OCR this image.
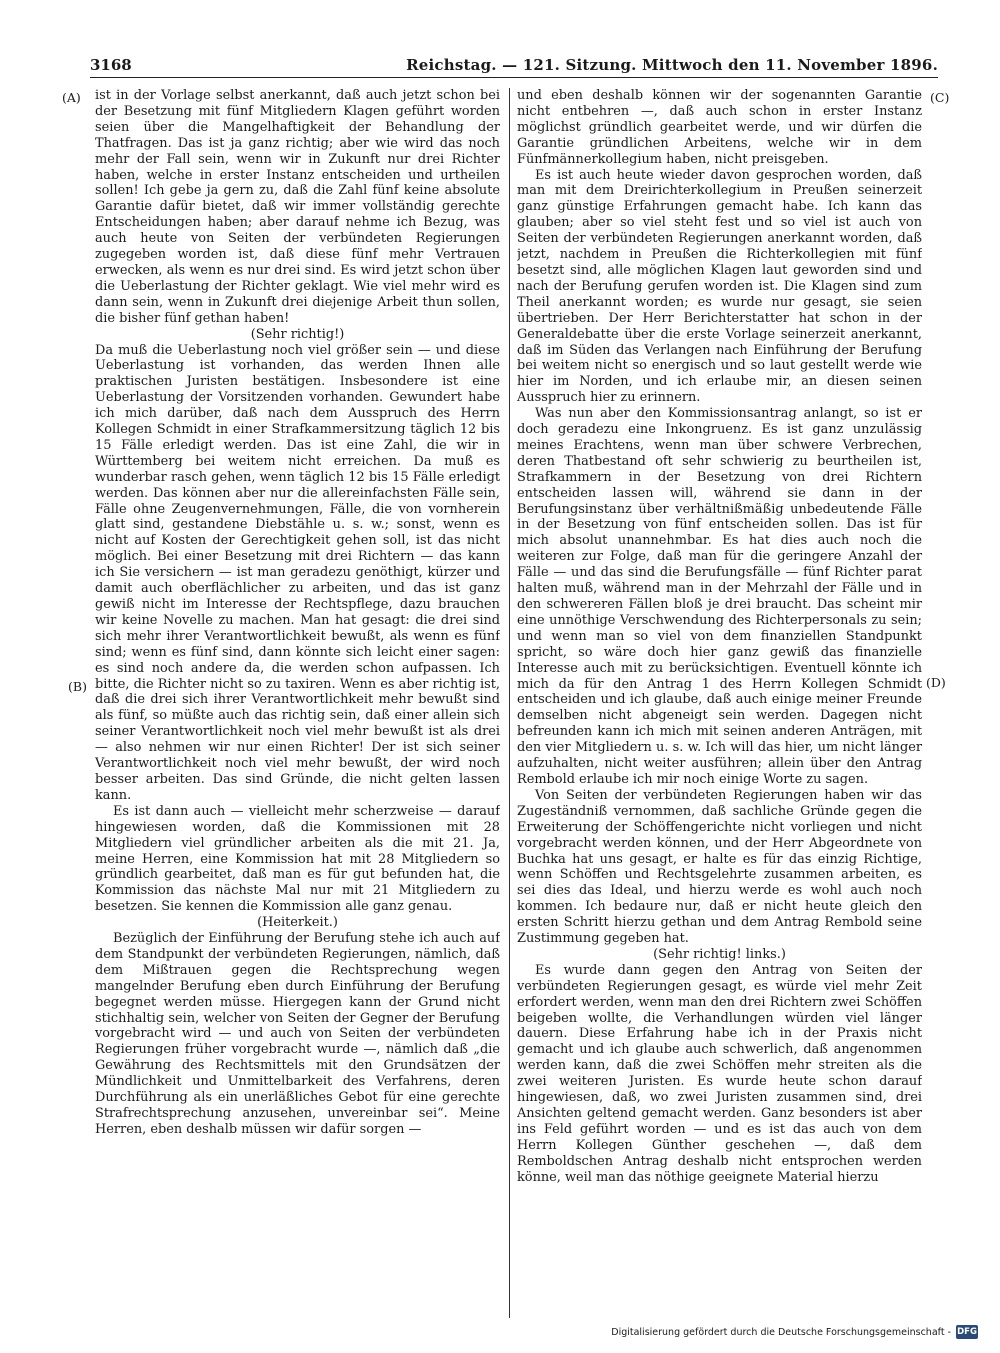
3168	Reichstag. — 121. Sitzung. Mittwoch den 11. November 1896.
(A)
(B)
(C)
(D)

ist in der Vorlage selbst anerkannt, daß auch jetzt schon bei der Besetzung mit fünf Mitgliedern Klagen geführt worden seien über die Mangelhaftigkeit der Behandlung der Thatfragen. Das ist ja ganz richtig; aber wie wird das noch mehr der Fall sein, wenn wir in Zukunft nur drei Richter haben, welche in erster Instanz entscheiden und urtheilen sollen! Ich gebe ja gern zu, daß die Zahl fünf keine absolute Garantie dafür bietet, daß wir immer vollständig gerechte Entscheidungen haben; aber darauf nehme ich Bezug, was auch heute von Seiten der verbündeten Regierungen zugegeben worden ist, daß diese fünf mehr Vertrauen erwecken, als wenn es nur drei sind. Es wird jetzt schon über die Ueberlastung der Richter geklagt. Wie viel mehr wird es dann sein, wenn in Zukunft drei diejenige Arbeit thun sollen, die bisher fünf gethan haben!

(Sehr richtig!)

Da muß die Ueberlastung noch viel größer sein — und diese Ueberlastung ist vorhanden, das werden Ihnen alle praktischen Juristen bestätigen. Insbesondere ist eine Ueberlastung der Vorsitzenden vorhanden. Gewundert habe ich mich darüber, daß nach dem Ausspruch des Herrn Kollegen Schmidt in einer Strafkammersitzung täglich 12 bis 15 Fälle erledigt werden. Das ist eine Zahl, die wir in Württemberg bei weitem nicht erreichen. Da muß es wunderbar rasch gehen, wenn täglich 12 bis 15 Fälle erledigt werden. Das können aber nur die allereinfachsten Fälle sein, Fälle ohne Zeugenvernehmungen, Fälle, die von vornherein glatt sind, gestandene Diebstähle u. s. w.; sonst, wenn es nicht auf Kosten der Gerechtigkeit gehen soll, ist das nicht möglich. Bei einer Besetzung mit drei Richtern — das kann ich Sie versichern — ist man geradezu genöthigt, kürzer und damit auch oberflächlicher zu arbeiten, und das ist ganz gewiß nicht im Interesse der Rechtspflege, dazu brauchen wir keine Novelle zu machen. Man hat gesagt: die drei sind sich mehr ihrer Verantwortlichkeit bewußt, als wenn es fünf sind; wenn es fünf sind, dann könnte sich leicht einer sagen: es sind noch andere da, die werden schon aufpassen. Ich bitte, die Richter nicht so zu taxiren. Wenn es aber richtig ist, daß die drei sich ihrer Verantwortlichkeit mehr bewußt sind als fünf, so müßte auch das richtig sein, daß einer allein sich seiner Verantwortlichkeit noch viel mehr bewußt ist als drei — also nehmen wir nur einen Richter! Der ist sich seiner Verantwortlichkeit noch viel mehr bewußt, der wird noch besser arbeiten. Das sind Gründe, die nicht gelten lassen kann.

Es ist dann auch — vielleicht mehr scherzweise — darauf hingewiesen worden, daß die Kommissionen mit 28 Mitgliedern viel gründlicher arbeiten als die mit 21. Ja, meine Herren, eine Kommission hat mit 28 Mitgliedern so gründlich gearbeitet, daß man es für gut befunden hat, die Kommission das nächste Mal nur mit 21 Mitgliedern zu besetzen. Sie kennen die Kommission alle ganz genau.

(Heiterkeit.)

Bezüglich der Einführung der Berufung stehe ich auch auf dem Standpunkt der verbündeten Regierungen, nämlich, daß dem Mißtrauen gegen die Rechtsprechung wegen mangelnder Berufung eben durch Einführung der Berufung begegnet werden müsse. Hiergegen kann der Grund nicht stichhaltig sein, welcher von Seiten der Gegner der Berufung vorgebracht wird — und auch von Seiten der verbündeten Regierungen früher vorgebracht wurde —, nämlich daß „die Gewährung des Rechtsmittels mit den Grundsätzen der Mündlichkeit und Unmittelbarkeit des Verfahrens, deren Durchführung als ein unerläßliches Gebot für eine gerechte Strafrechtsprechung anzusehen, unvereinbar sei“. Meine Herren, eben deshalb müssen wir dafür sorgen —

und eben deshalb können wir der sogenannten Garantie nicht entbehren —, daß auch schon in erster Instanz möglichst gründlich gearbeitet werde, und wir dürfen die Garantie gründlichen Arbeitens, welche wir in dem Fünfmännerkollegium haben, nicht preisgeben.

Es ist auch heute wieder davon gesprochen worden, daß man mit dem Dreirichterkollegium in Preußen seinerzeit ganz günstige Erfahrungen gemacht habe. Ich kann das glauben; aber so viel steht fest und so viel ist auch von Seiten der verbündeten Regierungen anerkannt worden, daß jetzt, nachdem in Preußen die Richterkollegien mit fünf besetzt sind, alle möglichen Klagen laut geworden sind und nach der Berufung gerufen worden ist. Die Klagen sind zum Theil anerkannt worden; es wurde nur gesagt, sie seien übertrieben. Der Herr Berichterstatter hat schon in der Generaldebatte über die erste Vorlage seinerzeit anerkannt, daß im Süden das Verlangen nach Einführung der Berufung bei weitem nicht so energisch und so laut gestellt werde wie hier im Norden, und ich erlaube mir, an diesen seinen Ausspruch hier zu erinnern.

Was nun aber den Kommissionsantrag anlangt, so ist er doch geradezu eine Inkongruenz. Es ist ganz unzulässig meines Erachtens, wenn man über schwere Verbrechen, deren Thatbestand oft sehr schwierig zu beurtheilen ist, Strafkammern in der Besetzung von drei Richtern entscheiden lassen will, während sie dann in der Berufungsinstanz über verhältnißmäßig unbedeutende Fälle in der Besetzung von fünf entscheiden sollen. Das ist für mich absolut unannehmbar. Es hat dies auch noch die weiteren zur Folge, daß man für die geringere Anzahl der Fälle — und das sind die Berufungsfälle — fünf Richter parat halten muß, während man in der Mehrzahl der Fälle und in den schwereren Fällen bloß je drei braucht. Das scheint mir eine unnöthige Verschwendung des Richterpersonals zu sein; und wenn man so viel von dem finanziellen Standpunkt spricht, so wäre doch hier ganz gewiß das finanzielle Interesse auch mit zu berücksichtigen. Eventuell könnte ich mich da für den Antrag 1 des Herrn Kollegen Schmidt entscheiden und ich glaube, daß auch einige meiner Freunde demselben nicht abgeneigt sein werden. Dagegen nicht befreunden kann ich mich mit seinen anderen Anträgen, mit den vier Mitgliedern u. s. w. Ich will das hier, um nicht länger aufzuhalten, nicht weiter ausführen; allein über den Antrag Rembold erlaube ich mir noch einige Worte zu sagen.

Von Seiten der verbündeten Regierungen haben wir das Zugeständniß vernommen, daß sachliche Gründe gegen die Erweiterung der Schöffengerichte nicht vorliegen und nicht vorgebracht werden können, und der Herr Abgeordnete von Buchka hat uns gesagt, er halte es für das einzig Richtige, wenn Schöffen und Rechtsgelehrte zusammen arbeiten, es sei dies das Ideal, und hierzu werde es wohl auch noch kommen. Ich bedaure nur, daß er nicht heute gleich den ersten Schritt hierzu gethan und dem Antrag Rembold seine Zustimmung gegeben hat.

(Sehr richtig! links.)

Es wurde dann gegen den Antrag von Seiten der verbündeten Regierungen gesagt, es würde viel mehr Zeit erfordert werden, wenn man den drei Richtern zwei Schöffen beigeben wollte, die Verhandlungen würden viel länger dauern. Diese Erfahrung habe ich in der Praxis nicht gemacht und ich glaube auch schwerlich, daß angenommen werden kann, daß die zwei Schöffen mehr streiten als die zwei weiteren Juristen. Es wurde heute schon darauf hingewiesen, daß, wo zwei Juristen zusammen sind, drei Ansichten geltend gemacht werden. Ganz besonders ist aber ins Feld geführt worden — und es ist das auch von dem Herrn Kollegen Günther geschehen —, daß dem Remboldschen Antrag deshalb nicht entsprochen werden könne, weil man das nöthige geeignete Material hierzu

Digitalisierung gefördert durch die Deutsche Forschungsgemeinschaft - DFG
